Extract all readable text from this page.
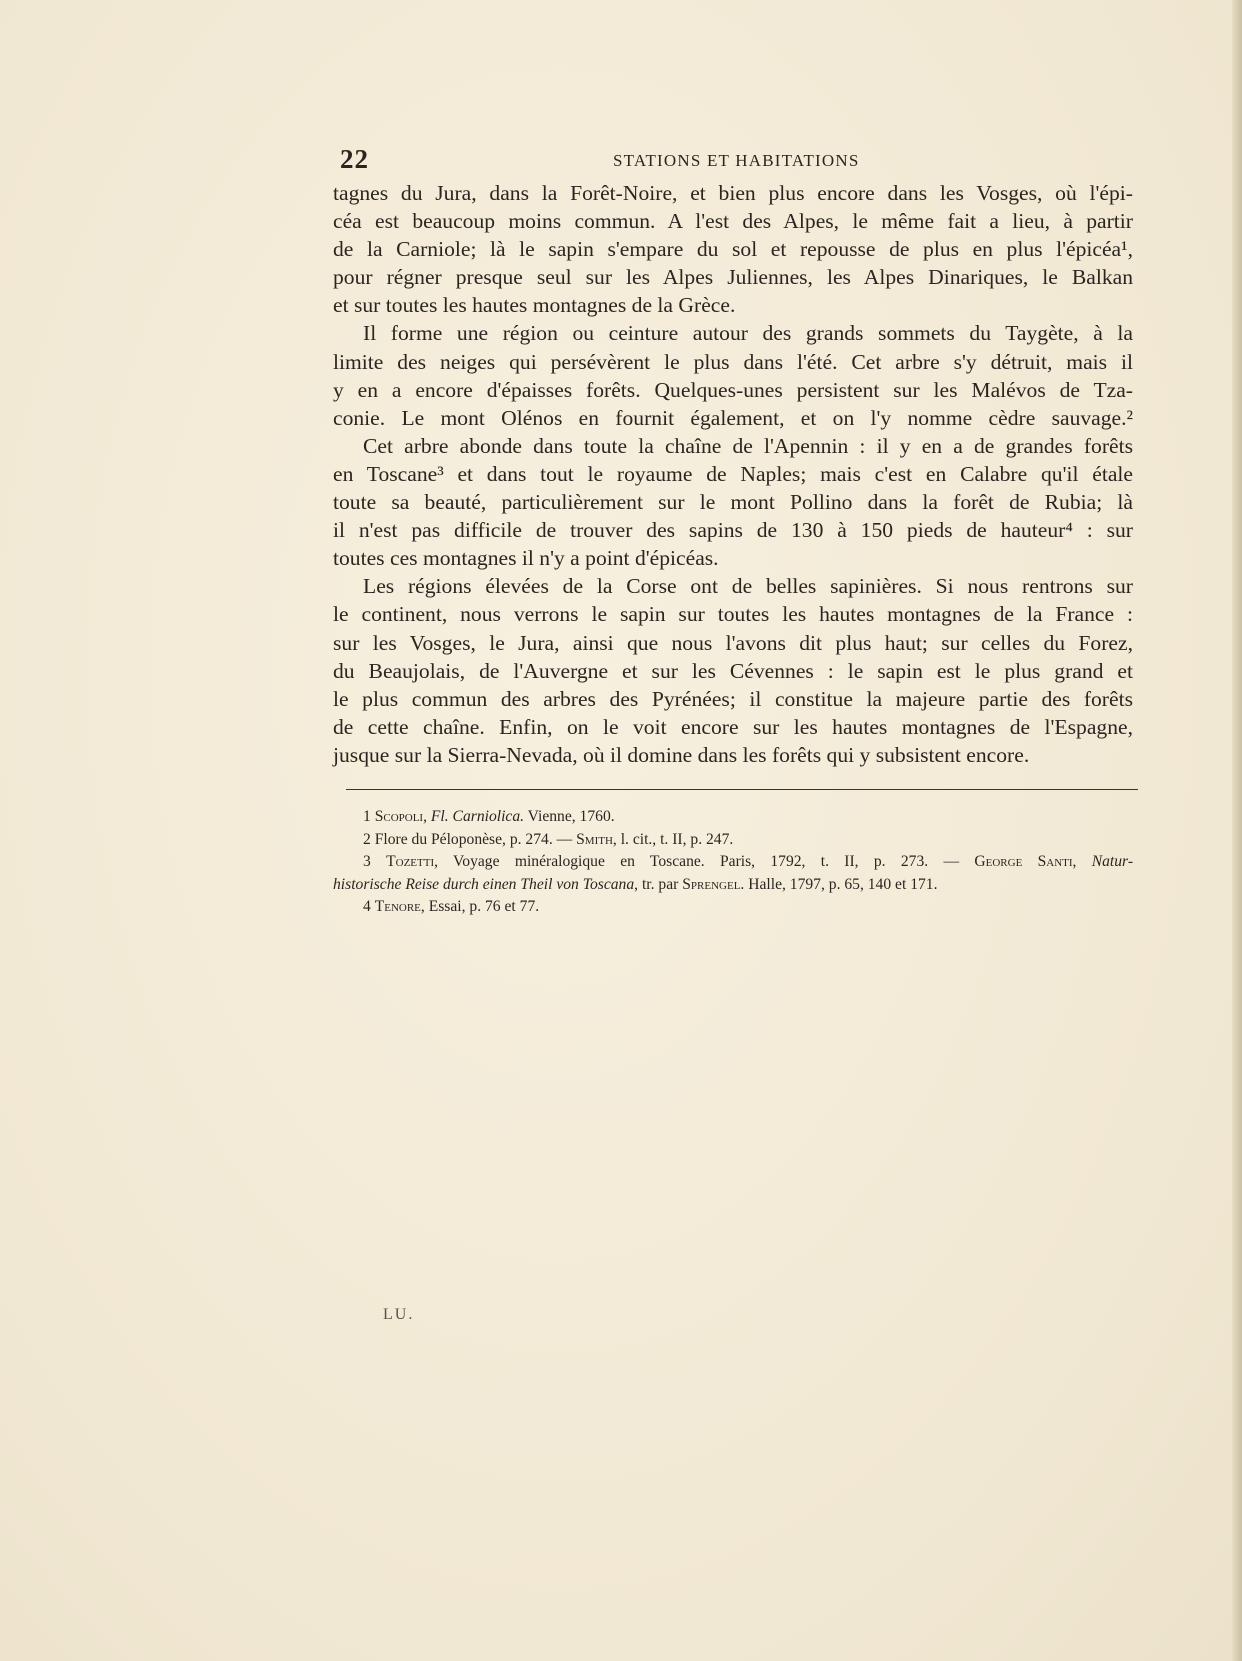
22	STATIONS ET HABITATIONS
tagnes du Jura, dans la Forêt-Noire, et bien plus encore dans les Vosges, où l'épi-
céa est beaucoup moins commun. A l'est des Alpes, le même fait a lieu, à partir
de la Carniole; là le sapin s'empare du sol et repousse de plus en plus l'épicéa¹,
pour régner presque seul sur les Alpes Juliennes, les Alpes Dinariques, le Balkan
et sur toutes les hautes montagnes de la Grèce.
Il forme une région ou ceinture autour des grands sommets du Taygète, à la
limite des neiges qui persévèrent le plus dans l'été. Cet arbre s'y détruit, mais il
y en a encore d'épaisses forêts. Quelques-unes persistent sur les Malévos de Tza-
conie. Le mont Olénos en fournit également, et on l'y nomme cèdre sauvage.²
Cet arbre abonde dans toute la chaîne de l'Apennin : il y en a de grandes forêts
en Toscane³ et dans tout le royaume de Naples; mais c'est en Calabre qu'il étale
toute sa beauté, particulièrement sur le mont Pollino dans la forêt de Rubia; là
il n'est pas difficile de trouver des sapins de 130 à 150 pieds de hauteur⁴ : sur
toutes ces montagnes il n'y a point d'épicéas.
Les régions élevées de la Corse ont de belles sapinières. Si nous rentrons sur
le continent, nous verrons le sapin sur toutes les hautes montagnes de la France :
sur les Vosges, le Jura, ainsi que nous l'avons dit plus haut; sur celles du Forez,
du Beaujolais, de l'Auvergne et sur les Cévennes : le sapin est le plus grand et
le plus commun des arbres des Pyrénées; il constitue la majeure partie des forêts
de cette chaîne. Enfin, on le voit encore sur les hautes montagnes de l'Espagne,
jusque sur la Sierra-Nevada, où il domine dans les forêts qui y subsistent encore.
1 Scopoli, Fl. Carniolica. Vienne, 1760.
2 Flore du Péloponèse, p. 274. — Smith, l. cit., t. II, p. 247.
3 Tozetti, Voyage minéralogique en Toscane. Paris, 1792, t. II, p. 273. — George Santi, Natur-
historische Reise durch einen Theil von Toscana, tr. par Sprengel. Halle, 1797, p. 65, 140 et 171.
4 Tenore, Essai, p. 76 et 77.
LU.
